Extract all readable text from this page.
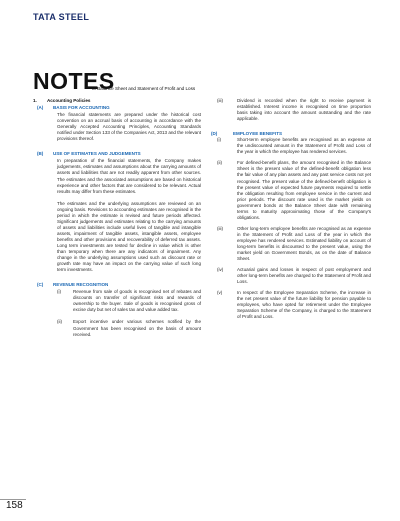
TATA STEEL
NOTES
to Balance Sheet and Statement of Profit and Loss
1.	Accounting Policies
(A)	BASIS FOR ACCOUNTING
The financial statements are prepared under the historical cost convention on an accrual basis of accounting in accordance with the Generally Accepted Accounting Principles, Accounting Standards notified under Section 133 of the Companies Act, 2013 and the relevant provisions thereof.
(B)	USE OF ESTIMATES AND JUDGEMENTS
In preparation of the financial statements, the Company makes judgements, estimates and assumptions about the carrying amounts of assets and liabilities that are not readily apparent from other sources. The estimates and the associated assumptions are based on historical experience and other factors that are considered to be relevant. Actual results may differ from these estimates.
The estimates and the underlying assumptions are reviewed on an ongoing basis. Revisions to accounting estimates are recognised in the period in which the estimate is revised and future periods affected. Significant judgements and estimates relating to the carrying amounts of assets and liabilities include useful lives of tangible and intangible assets, impairment of tangible assets, intangible assets, employee benefits and other provisions and recoverability of deferred tax assets. Long term investments are tested for decline in value which is other than temporary when there are any indicators of impairment. Any change in the underlying assumptions used such as discount rate or growth rate may have an impact on the carrying value of such long term investments.
(C)	REVENUE RECOGNITION
(i)	Revenue from sale of goods is recognised net of rebates and discounts on transfer of significant risks and rewards of ownership to the buyer. Sale of goods is recognised gross of excise duty but net of sales tax and value added tax.
(ii)	Export incentive under various schemes notified by the Government has been recognised on the basis of amount received.
(iii)	Dividend is recorded when the right to receive payment is established. Interest income is recognised on time proportion basis taking into account the amount outstanding and the rate applicable.
(D)	EMPLOYEE BENEFITS
(i)	Short-term employee benefits are recognised as an expense at the undiscounted amount in the Statement of Profit and Loss of the year in which the employee has rendered services.
(ii)	For defined-benefit plans, the amount recognised in the Balance Sheet is the present value of the defined-benefit obligation less the fair value of any plan assets and any past service costs not yet recognised. The present value of the defined-benefit obligation is the present value of expected future payments required to settle the obligation resulting from employee service in the current and prior periods. The discount rate used is the market yields on government bonds at the Balance Sheet date with remaining terms to maturity approximating those of the Company's obligations.
(iii)	Other long-term employee benefits are recognised as an expense in the Statement of Profit and Loss of the year in which the employee has rendered services. Estimated liability on account of long-term benefits is discounted to the present value, using the market yield on Government Bonds, as on the date of Balance Sheet.
(iv)	Actuarial gains and losses in respect of post employment and other long-term benefits are charged to the Statement of Profit and Loss.
(v)	In respect of the Employee Separation Scheme, the increase in the net present value of the future liability for pension payable to employees, who have opted for retirement under the Employee Separation Scheme of the Company, is charged to the Statement of Profit and Loss.
158
